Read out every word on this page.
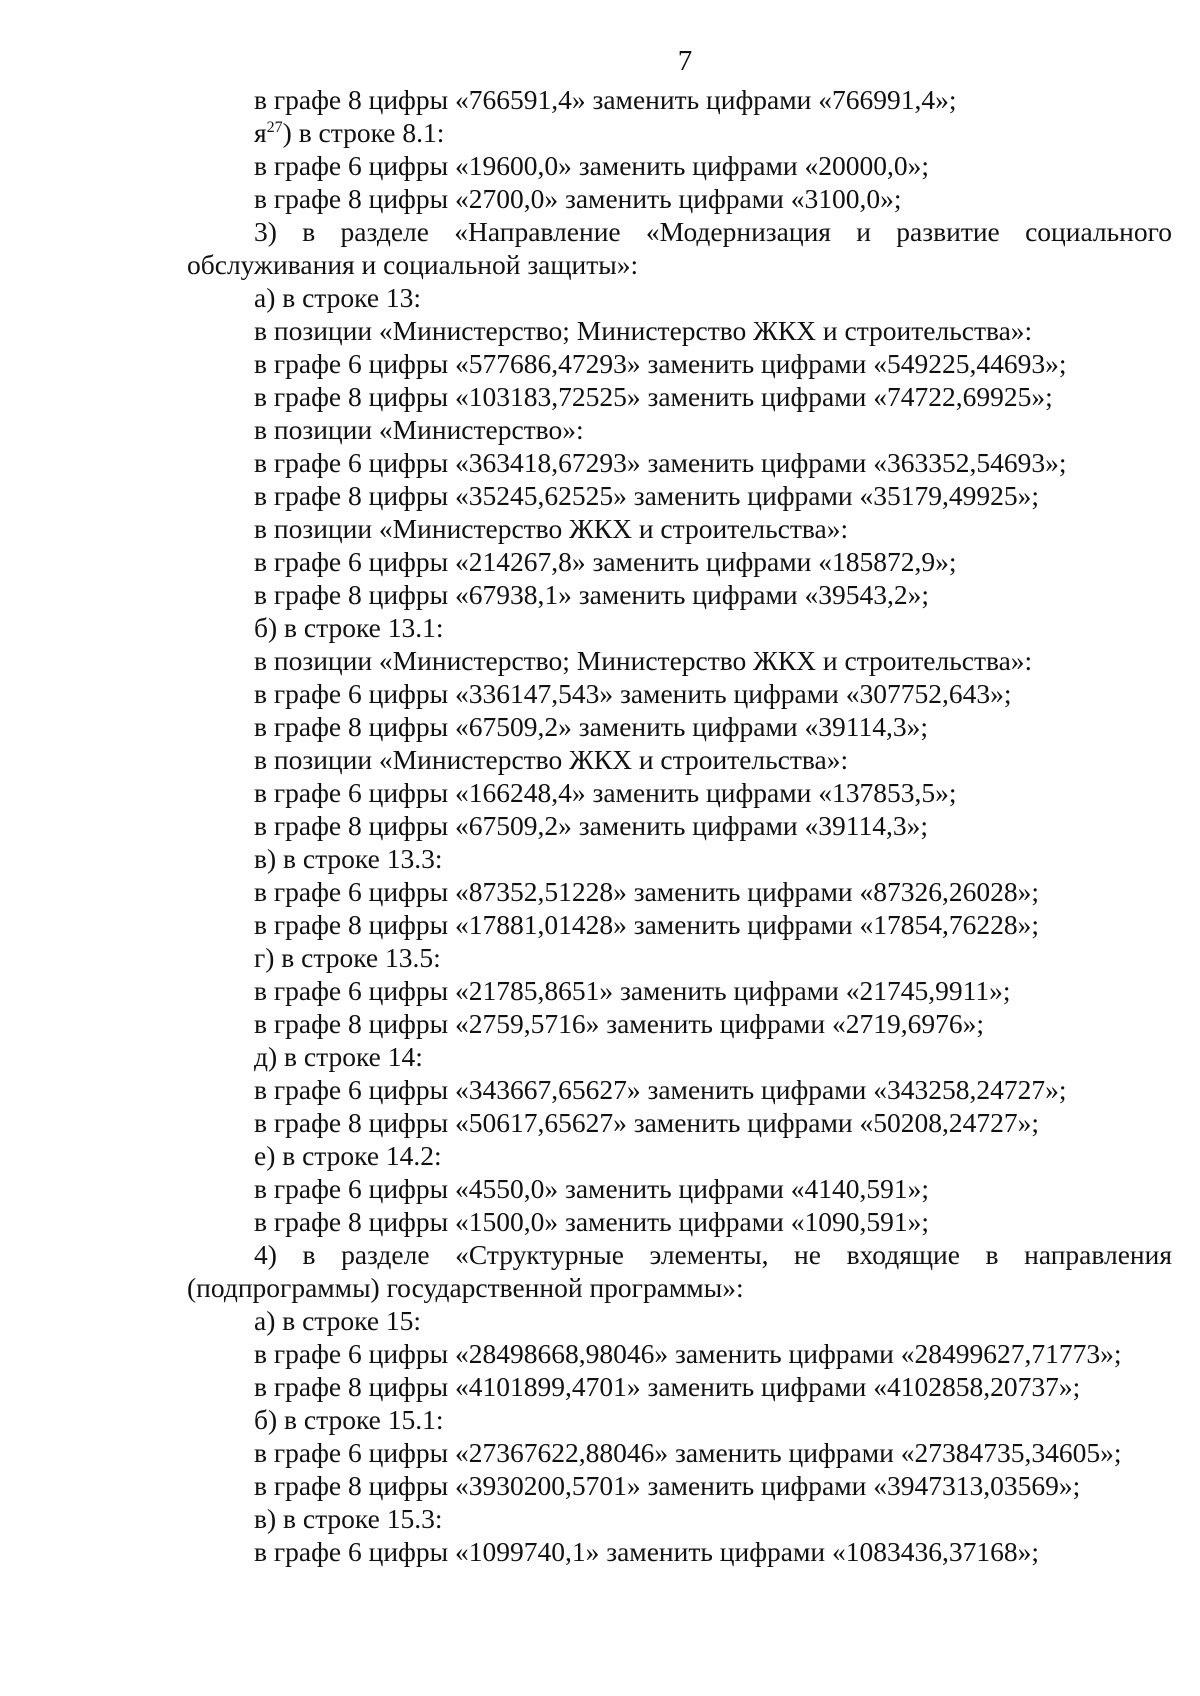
7
в графе 8 цифры «766591,4» заменить цифрами «766991,4»;
$я^{27}$) в строке 8.1:
в графе 6 цифры «19600,0» заменить цифрами «20000,0»;
в графе 8 цифры «2700,0» заменить цифрами «3100,0»;
3) в разделе «Направление «Модернизация и развитие социального
обслуживания и социальной защиты»:
а) в строке 13:
в позиции «Министерство; Министерство ЖКХ и строительства»:
в графе 6 цифры «577686,47293» заменить цифрами «549225,44693»;
в графе 8 цифры «103183,72525» заменить цифрами «74722,69925»;
в позиции «Министерство»:
в графе 6 цифры «363418,67293» заменить цифрами «363352,54693»;
в графе 8 цифры «35245,62525» заменить цифрами «35179,49925»;
в позиции «Министерство ЖКХ и строительства»:
в графе 6 цифры «214267,8» заменить цифрами «185872,9»;
в графе 8 цифры «67938,1» заменить цифрами «39543,2»;
б) в строке 13.1:
в позиции «Министерство; Министерство ЖКХ и строительства»:
в графе 6 цифры «336147,543» заменить цифрами «307752,643»;
в графе 8 цифры «67509,2» заменить цифрами «39114,3»;
в позиции «Министерство ЖКХ и строительства»:
в графе 6 цифры «166248,4» заменить цифрами «137853,5»;
в графе 8 цифры «67509,2» заменить цифрами «39114,3»;
в) в строке 13.3:
в графе 6 цифры «87352,51228» заменить цифрами «87326,26028»;
в графе 8 цифры «17881,01428» заменить цифрами «17854,76228»;
г) в строке 13.5:
в графе 6 цифры «21785,8651» заменить цифрами «21745,9911»;
в графе 8 цифры «2759,5716» заменить цифрами «2719,6976»;
д) в строке 14:
в графе 6 цифры «343667,65627» заменить цифрами «343258,24727»;
в графе 8 цифры «50617,65627» заменить цифрами «50208,24727»;
е) в строке 14.2:
в графе 6 цифры «4550,0» заменить цифрами «4140,591»;
в графе 8 цифры «1500,0» заменить цифрами «1090,591»;
4) в разделе «Структурные элементы, не входящие в направления
(подпрограммы) государственной программы»:
а) в строке 15:
в графе 6 цифры «28498668,98046» заменить цифрами «28499627,71773»;
в графе 8 цифры «4101899,4701» заменить цифрами «4102858,20737»;
б) в строке 15.1:
в графе 6 цифры «27367622,88046» заменить цифрами «27384735,34605»;
в графе 8 цифры «3930200,5701» заменить цифрами «3947313,03569»;
в) в строке 15.3:
в графе 6 цифры «1099740,1» заменить цифрами «1083436,37168»;
